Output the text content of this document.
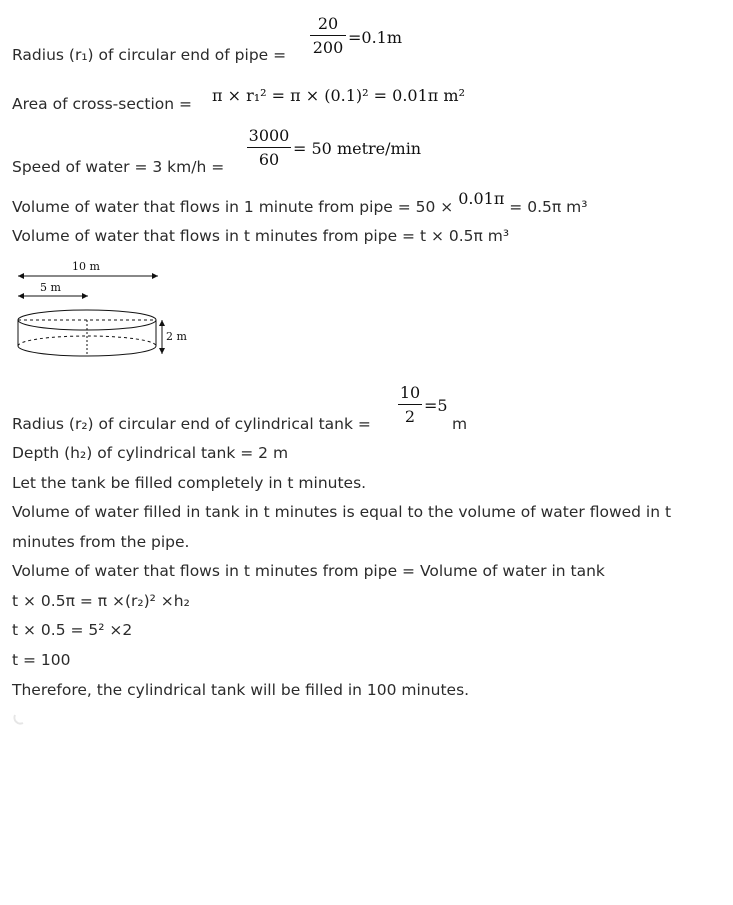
Radius (r₁) of circular end of pipe =
20
200
=0.1m
Area of cross-section = π × r₁² = π × (0.1)² = 0.01π m²
Speed of water = 3 km/h =
3000
60
= 50 metre/min
Volume of water that flows in 1 minute from pipe = 50 × 0.01π = 0.5π m³
Volume of water that flows in t minutes from pipe = t × 0.5π m³
10 m
5 m
2 m
Radius (r₂) of circular end of cylindrical tank =
10
2
=5
m
Depth (h₂) of cylindrical tank = 2 m
Let the tank be filled completely in t minutes.
Volume of water filled in tank in t minutes is equal to the volume of water flowed in t
minutes from the pipe.
Volume of water that flows in t minutes from pipe = Volume of water in tank
t × 0.5π = π ×(r₂)² ×h₂
t × 0.5 = 5² ×2
t = 100
Therefore, the cylindrical tank will be filled in 100 minutes.
